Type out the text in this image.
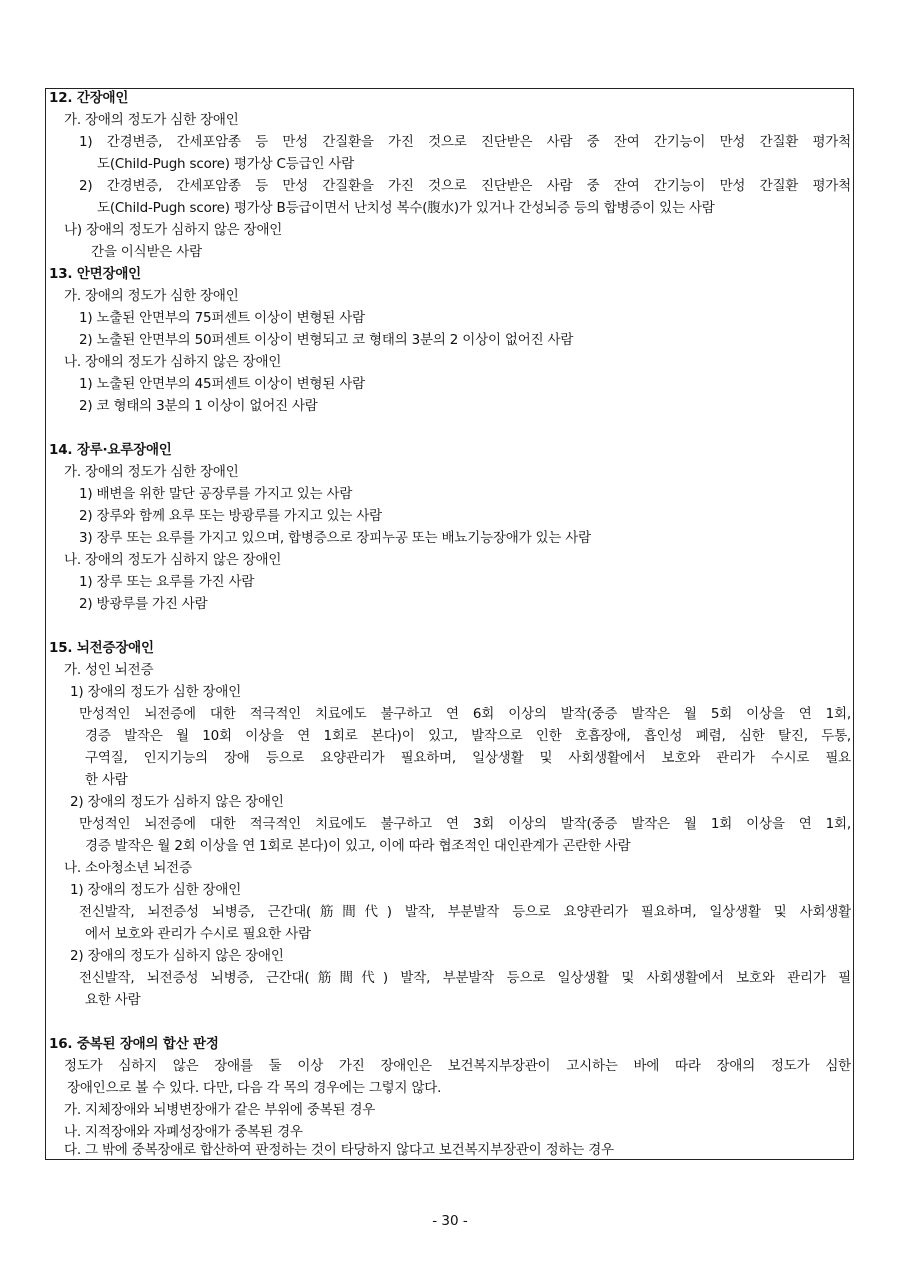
12. 간장애인
가. 장애의 정도가 심한 장애인
1) 간경변증, 간세포암종 등 만성 간질환을 가진 것으로 진단받은 사람 중 잔여 간기능이 만성 간질환 평가척
도(Child-Pugh score) 평가상 C등급인 사람
2) 간경변증, 간세포암종 등 만성 간질환을 가진 것으로 진단받은 사람 중 잔여 간기능이 만성 간질환 평가척
도(Child-Pugh score) 평가상 B등급이면서 난치성 복수(腹水)가 있거나 간성뇌증 등의 합병증이 있는 사람
나) 장애의 정도가 심하지 않은 장애인
간을 이식받은 사람
13. 안면장애인
가. 장애의 정도가 심한 장애인
1) 노출된 안면부의 75퍼센트 이상이 변형된 사람
2) 노출된 안면부의 50퍼센트 이상이 변형되고 코 형태의 3분의 2 이상이 없어진 사람
나. 장애의 정도가 심하지 않은 장애인
1) 노출된 안면부의 45퍼센트 이상이 변형된 사람
2) 코 형태의 3분의 1 이상이 없어진 사람
14. 장루·요루장애인
가. 장애의 정도가 심한 장애인
1) 배변을 위한 말단 공장루를 가지고 있는 사람
2) 장루와 함께 요루 또는 방광루를 가지고 있는 사람
3) 장루 또는 요루를 가지고 있으며, 합병증으로 장피누공 또는 배뇨기능장애가 있는 사람
나. 장애의 정도가 심하지 않은 장애인
1) 장루 또는 요루를 가진 사람
2) 방광루를 가진 사람
15. 뇌전증장애인
가. 성인 뇌전증
1) 장애의 정도가 심한 장애인
만성적인 뇌전증에 대한 적극적인 치료에도 불구하고 연 6회 이상의 발작(중증 발작은 월 5회 이상을 연 1회,
경증 발작은 월 10회 이상을 연 1회로 본다)이 있고, 발작으로 인한 호흡장애, 흡인성 폐렴, 심한 탈진, 두통,
구역질, 인지기능의 장애 등으로 요양관리가 필요하며, 일상생활 및 사회생활에서 보호와 관리가 수시로 필요
한 사람
2) 장애의 정도가 심하지 않은 장애인
만성적인 뇌전증에 대한 적극적인 치료에도 불구하고 연 3회 이상의 발작(중증 발작은 월 1회 이상을 연 1회,
경증 발작은 월 2회 이상을 연 1회로 본다)이 있고, 이에 따라 협조적인 대인관계가 곤란한 사람
나. 소아청소년 뇌전증
1) 장애의 정도가 심한 장애인
전신발작, 뇌전증성 뇌병증, 근간대(筋間代) 발작, 부분발작 등으로 요양관리가 필요하며, 일상생활 및 사회생활
에서 보호와 관리가 수시로 필요한 사람
2) 장애의 정도가 심하지 않은 장애인
전신발작, 뇌전증성 뇌병증, 근간대(筋間代) 발작, 부분발작 등으로 일상생활 및 사회생활에서 보호와 관리가 필
요한 사람
16. 중복된 장애의 합산 판정
정도가 심하지 않은 장애를 둘 이상 가진 장애인은 보건복지부장관이 고시하는 바에 따라 장애의 정도가 심한
장애인으로 볼 수 있다. 다만, 다음 각 목의 경우에는 그렇지 않다.
가. 지체장애와 뇌병변장애가 같은 부위에 중복된 경우
나. 지적장애와 자폐성장애가 중복된 경우
다. 그 밖에 중복장애로 합산하여 판정하는 것이 타당하지 않다고 보건복지부장관이 정하는 경우
- 30 -
